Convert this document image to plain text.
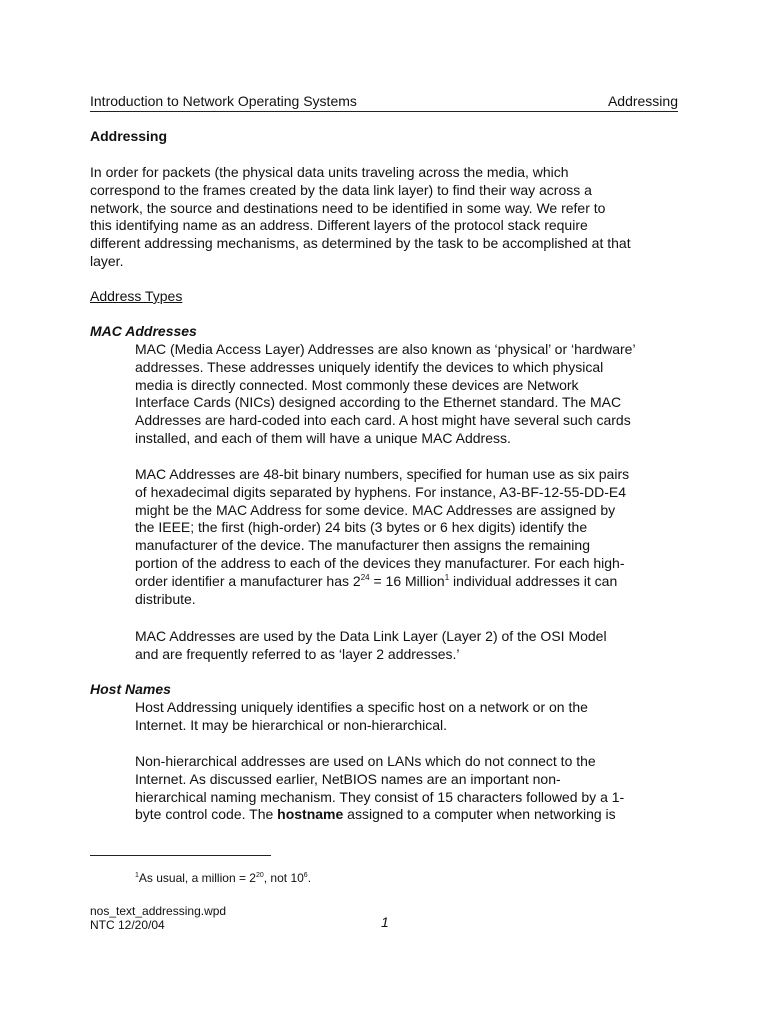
Introduction to Network Operating Systems	Addressing
Addressing

In order for packets (the physical data units traveling across the media, which
correspond to the frames created by the data link layer) to find their way across a
network, the source and destinations need to be identified in some way. We refer to
this identifying name as an address. Different layers of the protocol stack require
different addressing mechanisms, as determined by the task to be accomplished at that
layer.

Address Types

MAC Addresses

MAC (Media Access Layer) Addresses are also known as ‘physical’ or ‘hardware’
addresses. These addresses uniquely identify the devices to which physical
media is directly connected. Most commonly these devices are Network
Interface Cards (NICs) designed according to the Ethernet standard. The MAC
Addresses are hard-coded into each card. A host might have several such cards
installed, and each of them will have a unique MAC Address.

MAC Addresses are 48-bit binary numbers, specified for human use as six pairs
of hexadecimal digits separated by hyphens. For instance, A3-BF-12-55-DD-E4
might be the MAC Address for some device. MAC Addresses are assigned by
the IEEE; the first (high-order) 24 bits (3 bytes or 6 hex digits) identify the
manufacturer of the device. The manufacturer then assigns the remaining
portion of the address to each of the devices they manufacturer. For each high-
order identifier a manufacturer has $2^{24} = 16$ Million$^1$ individual addresses it can
distribute.

MAC Addresses are used by the Data Link Layer (Layer 2) of the OSI Model
and are frequently referred to as ‘layer 2 addresses.’

Host Names

Host Addressing uniquely identifies a specific host on a network or on the
Internet. It may be hierarchical or non-hierarchical.

Non-hierarchical addresses are used on LANs which do not connect to the
Internet. As discussed earlier, NetBIOS names are an important non-
hierarchical naming mechanism. They consist of 15 characters followed by a 1-
byte control code. The hostname assigned to a computer when networking is

$^1$As usual, a million = $2^{20}$, not $10^6$.
nos_text_addressing.wpd
NTC 12/20/04	1
